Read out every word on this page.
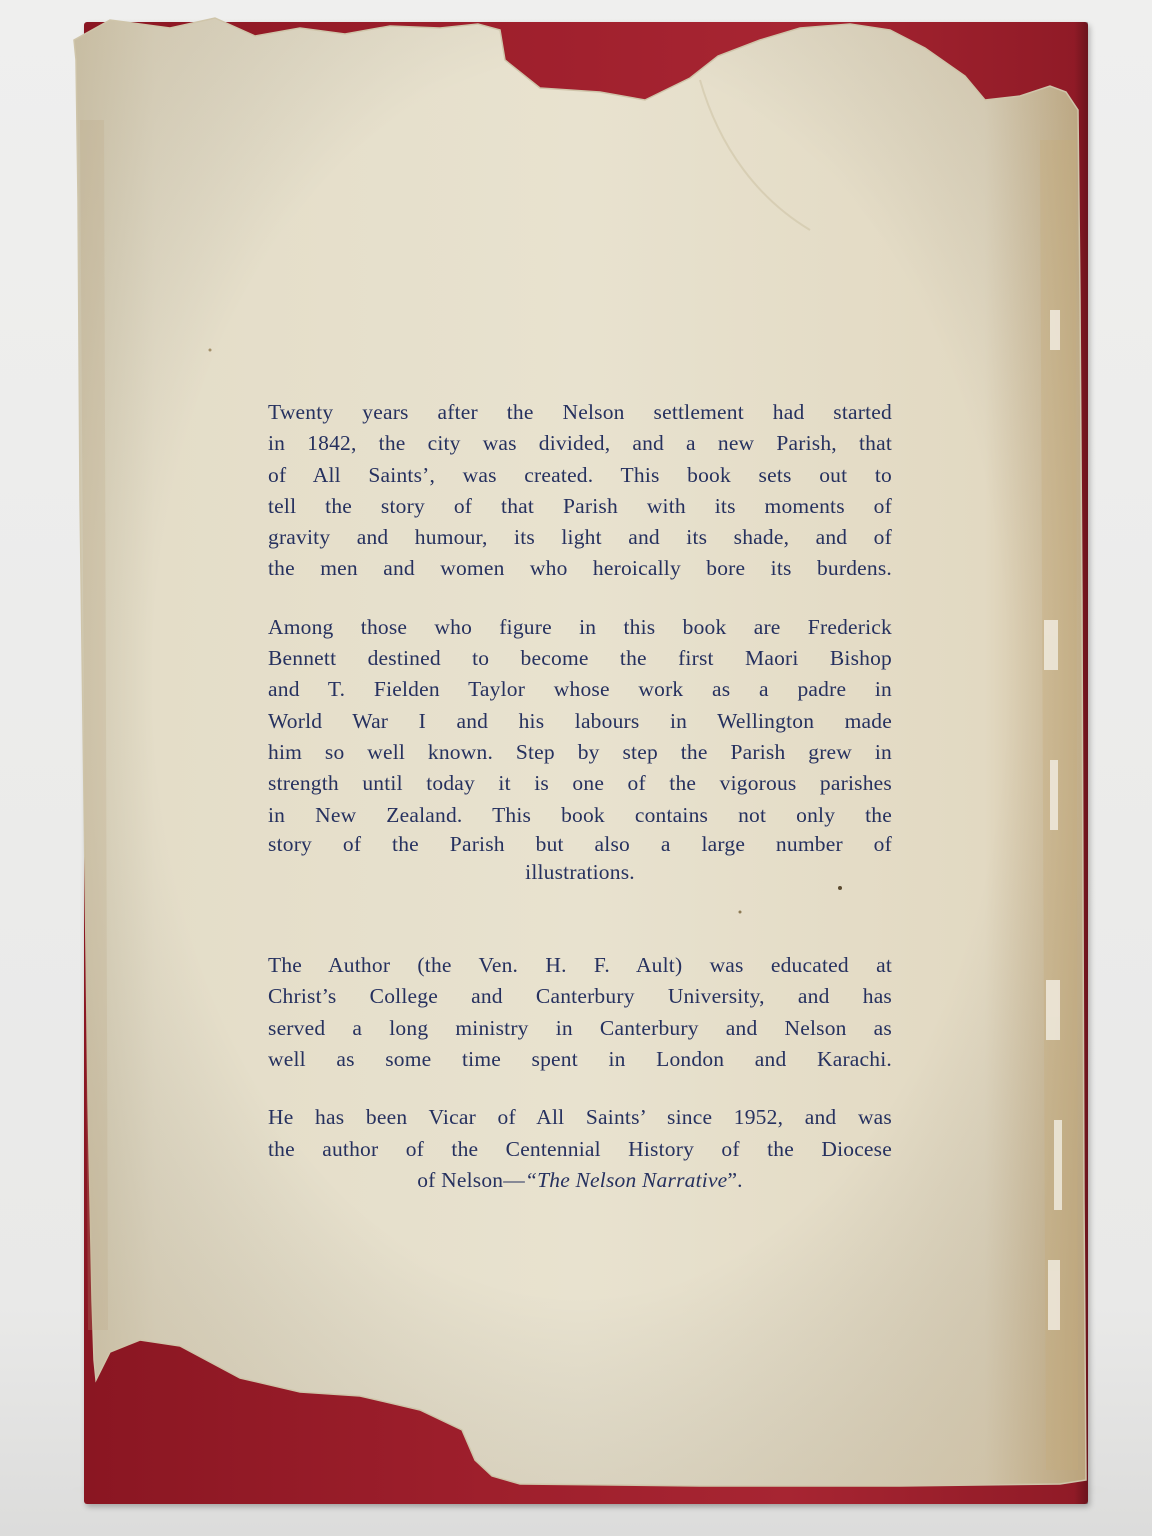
Twenty years after the Nelson settlement had started
in 1842, the city was divided, and a new Parish, that
of All Saints’, was created. This book sets out to
tell the story of that Parish with its moments of
gravity and humour, its light and its shade, and of
the men and women who heroically bore its burdens.

Among those who figure in this book are Frederick
Bennett destined to become the first Maori Bishop
and T. Fielden Taylor whose work as a padre in
World War I and his labours in Wellington made
him so well known. Step by step the Parish grew in
strength until today it is one of the vigorous parishes
in New Zealand. This book contains not only the
story of the Parish but also a large number of
illustrations.

The Author (the Ven. H. F. Ault) was educated at
Christ’s College and Canterbury University, and has
served a long ministry in Canterbury and Nelson as
well as some time spent in London and Karachi.

He has been Vicar of All Saints’ since 1952, and was
the author of the Centennial History of the Diocese
of Nelson—“The Nelson Narrative”.
